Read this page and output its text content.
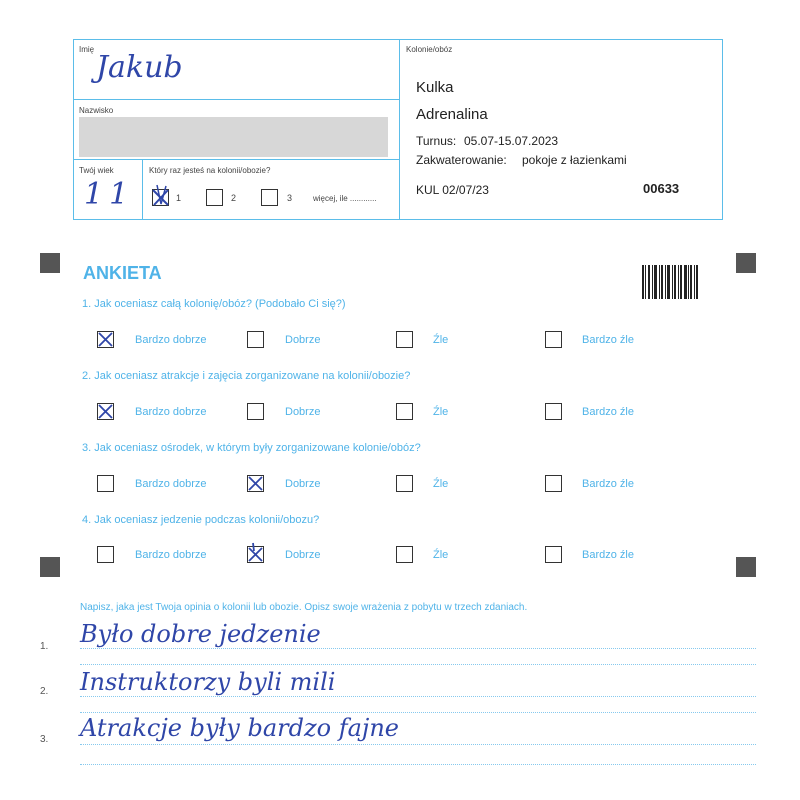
Imię
Jakub
Nazwisko
Twój wiek
11
Który raz jesteś na kolonii/obozie?
1	2	3	więcej, ile ............
Kolonie/obóz
Kulka
Adrenalina
Turnus: 05.07-15.07.2023
Zakwaterowanie: pokoje z łazienkami
KUL 02/07/23	00633
ANKIETA
1. Jak oceniasz całą kolonię/obóz? (Podobało Ci się?)
Bardzo dobrze	Dobrze	Źle	Bardzo źle
2. Jak oceniasz atrakcje i zajęcia zorganizowane na kolonii/obozie?
Bardzo dobrze	Dobrze	Źle	Bardzo źle
3. Jak oceniasz ośrodek, w którym były zorganizowane kolonie/obóz?
Bardzo dobrze	Dobrze	Źle	Bardzo źle
4. Jak oceniasz jedzenie podczas kolonii/obozu?
Bardzo dobrze	Dobrze	Źle	Bardzo źle
Napisz, jaka jest Twoja opinia o kolonii lub obozie. Opisz swoje wrażenia z pobytu w trzech zdaniach.
1. Było dobre jedzenie
2. Instruktorzy byli mili
3. Atrakcje były bardzo fajne
